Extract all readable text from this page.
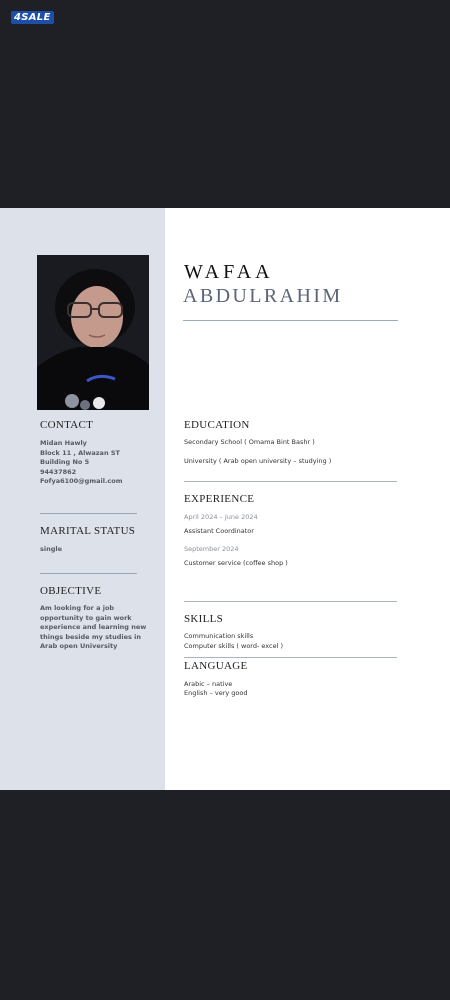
4SALE
CONTACT
Midan Hawly
Block 11 , Alwazan ST
Building No 5
94437862
Fofya6100@gmail.com
MARITAL STATUS
single
OBJECTIVE
Am looking for a job opportunity to gain work experience and learning new things beside my studies in Arab open University
WAFAA
ABDULRAHIM
EDUCATION
Secondary School ( Omama Bint Bashr )
University ( Arab open university – studying )
EXPERIENCE
April 2024 – June 2024
Assistant Coordinator
September 2024
Customer service (coffee shop )
SKILLS
Communication skills
Computer skills ( word- excel )
LANGUAGE
Arabic – native
English – very good
